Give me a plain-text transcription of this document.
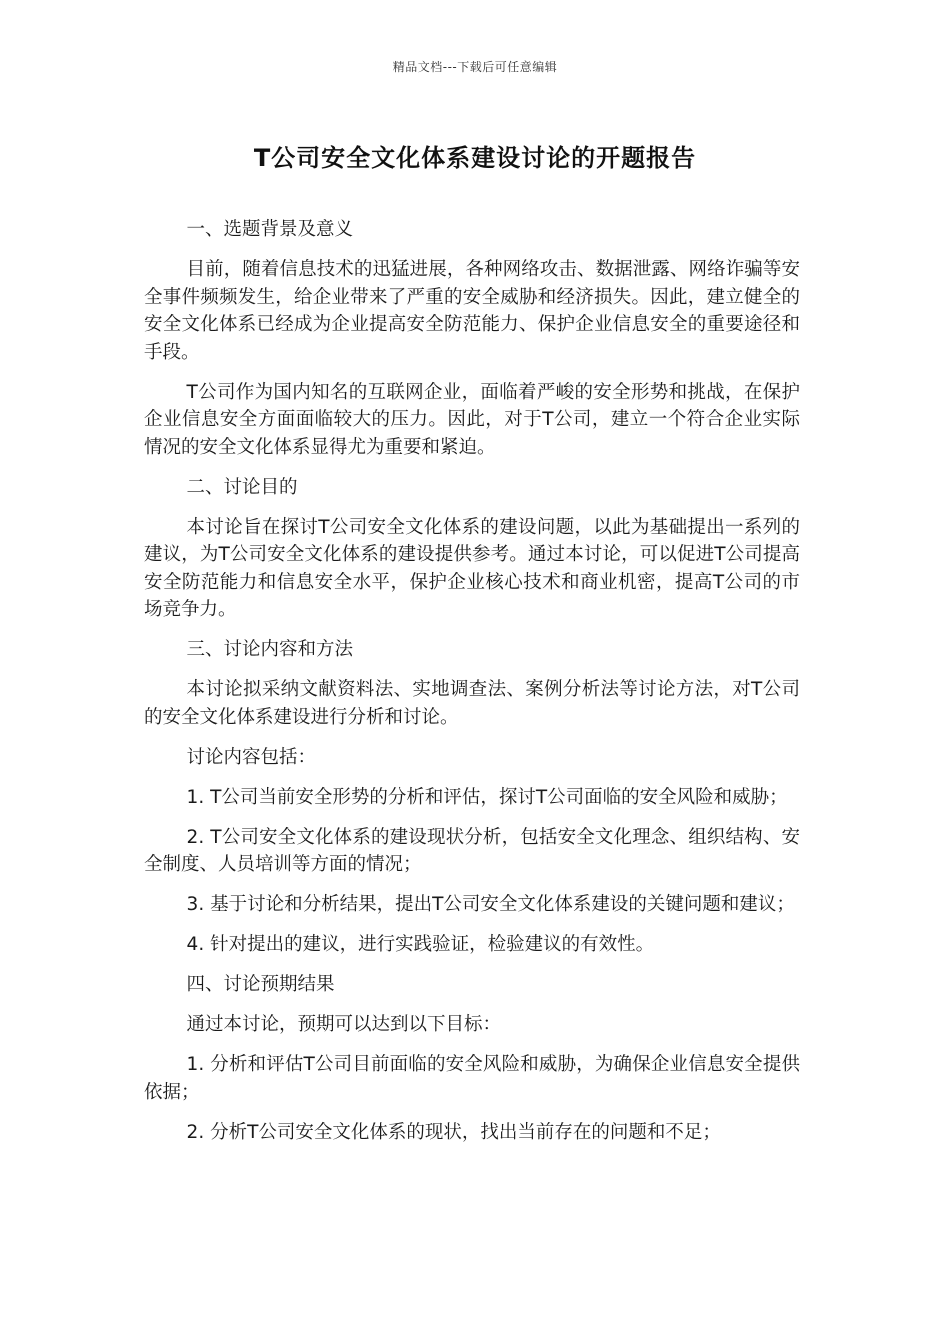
精品文档---下载后可任意编辑
T公司安全文化体系建设讨论的开题报告

一、选题背景及意义

目前，随着信息技术的迅猛进展，各种网络攻击、数据泄露、网络诈骗等安全事件频频发生，给企业带来了严重的安全威胁和经济损失。因此，建立健全的安全文化体系已经成为企业提高安全防范能力、保护企业信息安全的重要途径和手段。

T公司作为国内知名的互联网企业，面临着严峻的安全形势和挑战，在保护企业信息安全方面面临较大的压力。因此，对于T公司，建立一个符合企业实际情况的安全文化体系显得尤为重要和紧迫。

二、讨论目的

本讨论旨在探讨T公司安全文化体系的建设问题，以此为基础提出一系列的建议，为T公司安全文化体系的建设提供参考。通过本讨论，可以促进T公司提高安全防范能力和信息安全水平，保护企业核心技术和商业机密，提高T公司的市场竞争力。

三、讨论内容和方法

本讨论拟采纳文献资料法、实地调查法、案例分析法等讨论方法，对T公司的安全文化体系建设进行分析和讨论。

讨论内容包括：

1. T公司当前安全形势的分析和评估，探讨T公司面临的安全风险和威胁；

2. T公司安全文化体系的建设现状分析，包括安全文化理念、组织结构、安全制度、人员培训等方面的情况；

3. 基于讨论和分析结果，提出T公司安全文化体系建设的关键问题和建议；

4. 针对提出的建议，进行实践验证，检验建议的有效性。

四、讨论预期结果

通过本讨论，预期可以达到以下目标：

1. 分析和评估T公司目前面临的安全风险和威胁，为确保企业信息安全提供依据；

2. 分析T公司安全文化体系的现状，找出当前存在的问题和不足；
